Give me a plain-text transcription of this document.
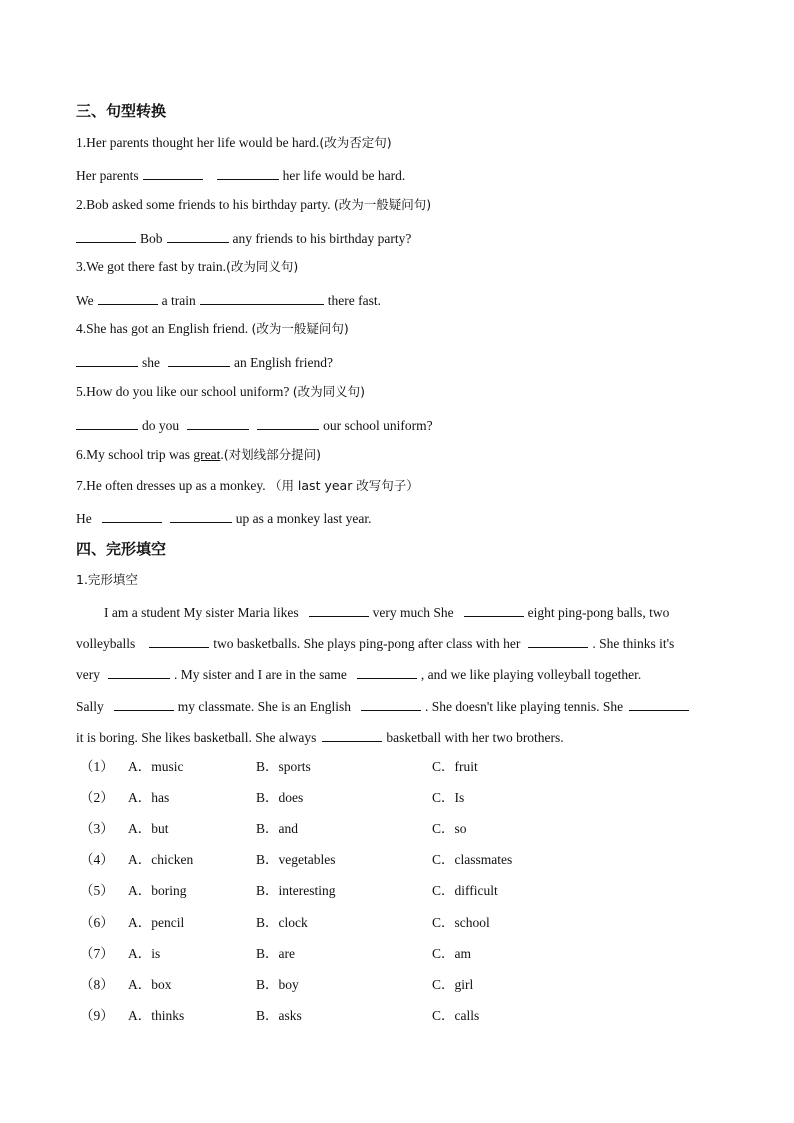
三、句型转换
1.Her parents thought her life would be hard.(改为否定句)
Her parents	her life would be hard.
2.Bob asked some friends to his birthday party. (改为一般疑问句)
Bob	any friends to his birthday party?
3.We got there fast by train.(改为同义句)
We	a train	there fast.
4.She has got an English friend. (改为一般疑问句)
she	an English friend?
5.How do you like our school uniform? (改为同义句)
do you	our school uniform?
6.My school trip was great.(对划线部分提问)
7.He often dresses up as a monkey. （用 last year 改写句子）
He	up as a monkey last year.
四、完形填空
1.完形填空
I am a student My sister Maria likes	very much She	eight ping-pong balls, two
volleyballs	two basketballs. She plays ping-pong after class with her	. She thinks it's
very	. My sister and I are in the same	, and we like playing volleyball together.
Sally	my classmate. She is an English	. She doesn't like playing tennis. She
it is boring. She likes basketball. She always	basketball with her two brothers.
（1） A．music	B．sports	C．fruit
（2） A．has	B．does	C．Is
（3） A．but	B．and	C．so
（4） A．chicken	B．vegetables	C．classmates
（5） A．boring	B．interesting	C．difficult
（6） A．pencil	B．clock	C．school
（7） A．is	B．are	C．am
（8） A．box	B．boy	C．girl
（9） A．thinks	B．asks	C．calls
